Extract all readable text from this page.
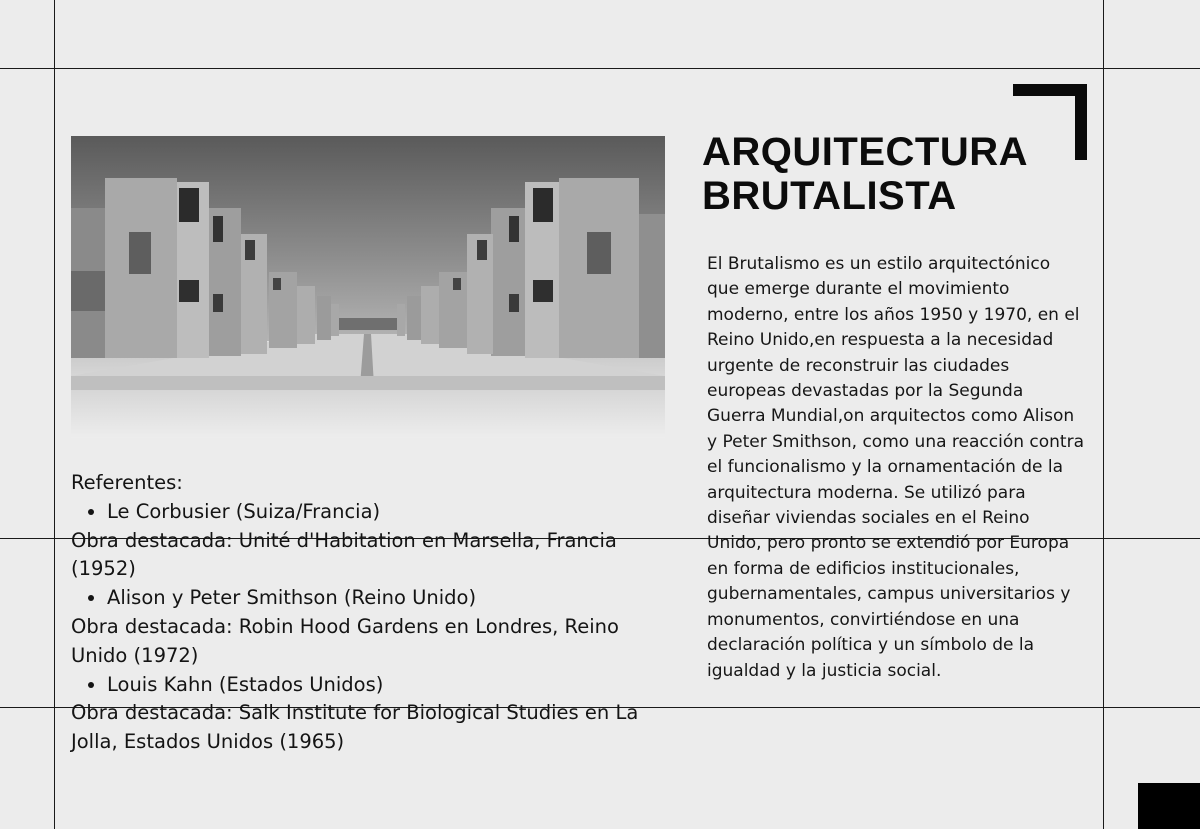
ARQUITECTURA
BRUTALISTA

El Brutalismo es un estilo arquitectónico que emerge durante el movimiento moderno, entre los años 1950 y 1970, en el Reino Unido,en respuesta a la necesidad urgente de reconstruir las ciudades europeas devastadas por la Segunda Guerra Mundial,on arquitectos como Alison y Peter Smithson, como una reacción contra el funcionalismo y la ornamentación de la arquitectura moderna. Se utilizó para diseñar viviendas sociales en el Reino Unido, pero pronto se extendió por Europa en forma de edificios institucionales, gubernamentales, campus universitarios y monumentos, convirtiéndose en una declaración política y un símbolo de la igualdad y la justicia social.

Referentes:

• Le Corbusier (Suiza/Francia)

Obra destacada: Unité d'Habitation en Marsella, Francia (1952)

• Alison y Peter Smithson (Reino Unido)

Obra destacada: Robin Hood Gardens en Londres, Reino Unido (1972)

• Louis Kahn (Estados Unidos)

Obra destacada: Salk Institute for Biological Studies en La Jolla, Estados Unidos (1965)
